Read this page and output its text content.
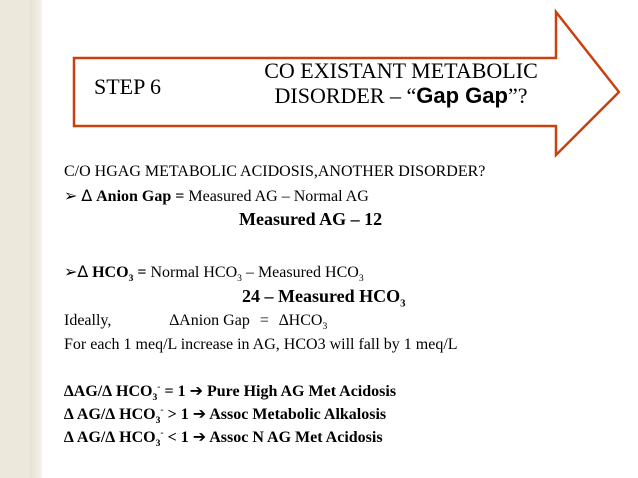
STEP 6
CO EXISTANT METABOLIC
DISORDER – “Gap Gap”?
C/O HGAG METABOLIC ACIDOSIS,ANOTHER DISORDER?
➢ ∆ Anion Gap = Measured AG – Normal AG
Measured AG – 12
➢∆ $HCO_3$ = Normal $HCO_3$ – Measured $HCO_3$
24 – Measured $HCO_3$
Ideally,	∆Anion Gap = $\Delta HCO_3$
For each 1 meq/L increase in AG, HCO3 will fall by 1 meq/L
∆AG/∆ $HCO_3^- = 1$ ➔ Pure High AG Met Acidosis
∆ AG/∆ $HCO_3^- > 1$ ➔ Assoc Metabolic Alkalosis
∆ AG/∆ $HCO_3^- < 1$ ➔ Assoc N AG Met Acidosis
